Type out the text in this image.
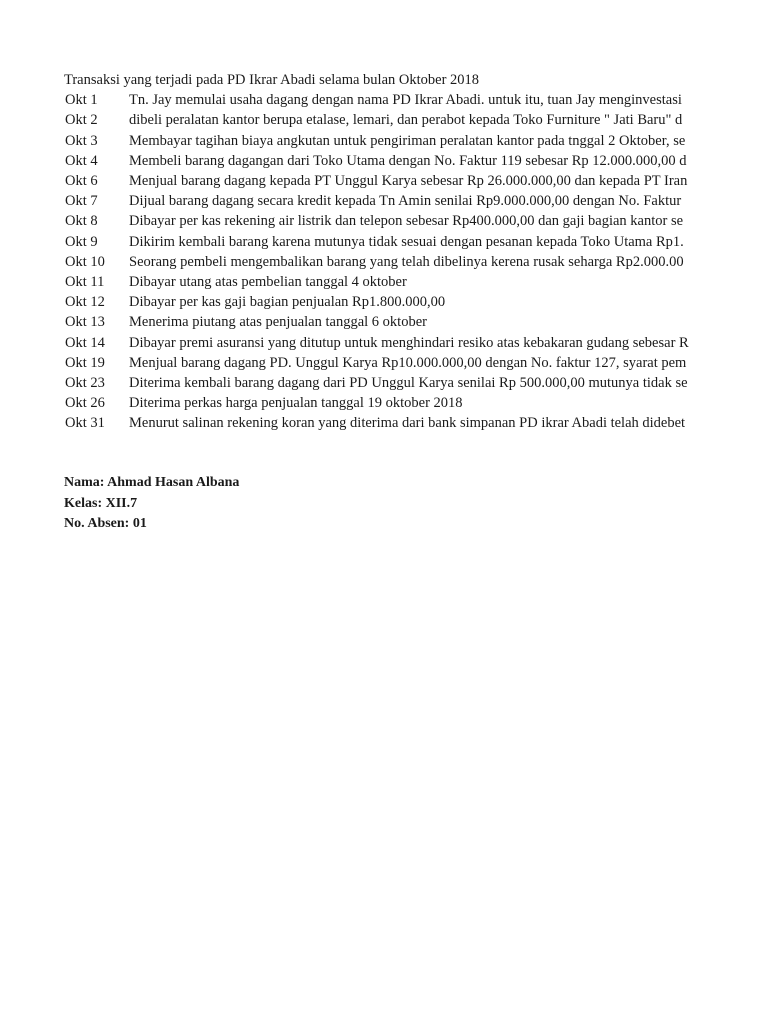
Transaksi yang terjadi pada PD Ikrar Abadi selama bulan Oktober 2018
Okt 1	Tn. Jay memulai usaha dagang dengan nama PD Ikrar Abadi. untuk itu, tuan Jay menginvestasi
Okt 2	dibeli peralatan kantor berupa etalase, lemari, dan perabot kepada Toko Furniture " Jati Baru" d
Okt 3	Membayar tagihan biaya angkutan untuk pengiriman peralatan kantor pada tnggal 2 Oktober, se
Okt 4	Membeli barang dagangan dari Toko Utama dengan No. Faktur 119 sebesar Rp 12.000.000,00 d
Okt 6	Menjual barang dagang kepada PT Unggul Karya sebesar Rp 26.000.000,00 dan kepada PT Iran
Okt 7	Dijual barang dagang secara kredit kepada Tn Amin senilai Rp9.000.000,00 dengan No. Faktur
Okt 8	Dibayar per kas rekening air listrik dan telepon sebesar Rp400.000,00 dan gaji bagian kantor se
Okt 9	Dikirim kembali barang karena mutunya tidak sesuai dengan pesanan kepada Toko Utama Rp1.
Okt 10	Seorang pembeli mengembalikan barang yang telah dibelinya kerena rusak seharga Rp2.000.00
Okt 11	Dibayar utang atas pembelian tanggal 4 oktober
Okt 12	Dibayar per kas gaji bagian penjualan Rp1.800.000,00
Okt 13	Menerima piutang atas penjualan tanggal 6 oktober
Okt 14	Dibayar premi asuransi yang ditutup untuk menghindari resiko atas kebakaran gudang sebesar R
Okt 19	Menjual barang dagang PD. Unggul Karya Rp10.000.000,00 dengan No. faktur 127, syarat pem
Okt 23	Diterima kembali barang dagang dari PD Unggul Karya senilai Rp 500.000,00 mutunya tidak se
Okt 26	Diterima perkas harga penjualan tanggal 19 oktober 2018
Okt 31	Menurut salinan rekening koran yang diterima dari bank simpanan PD ikrar Abadi telah didebet
Nama: Ahmad Hasan Albana
Kelas: XII.7
No. Absen: 01
